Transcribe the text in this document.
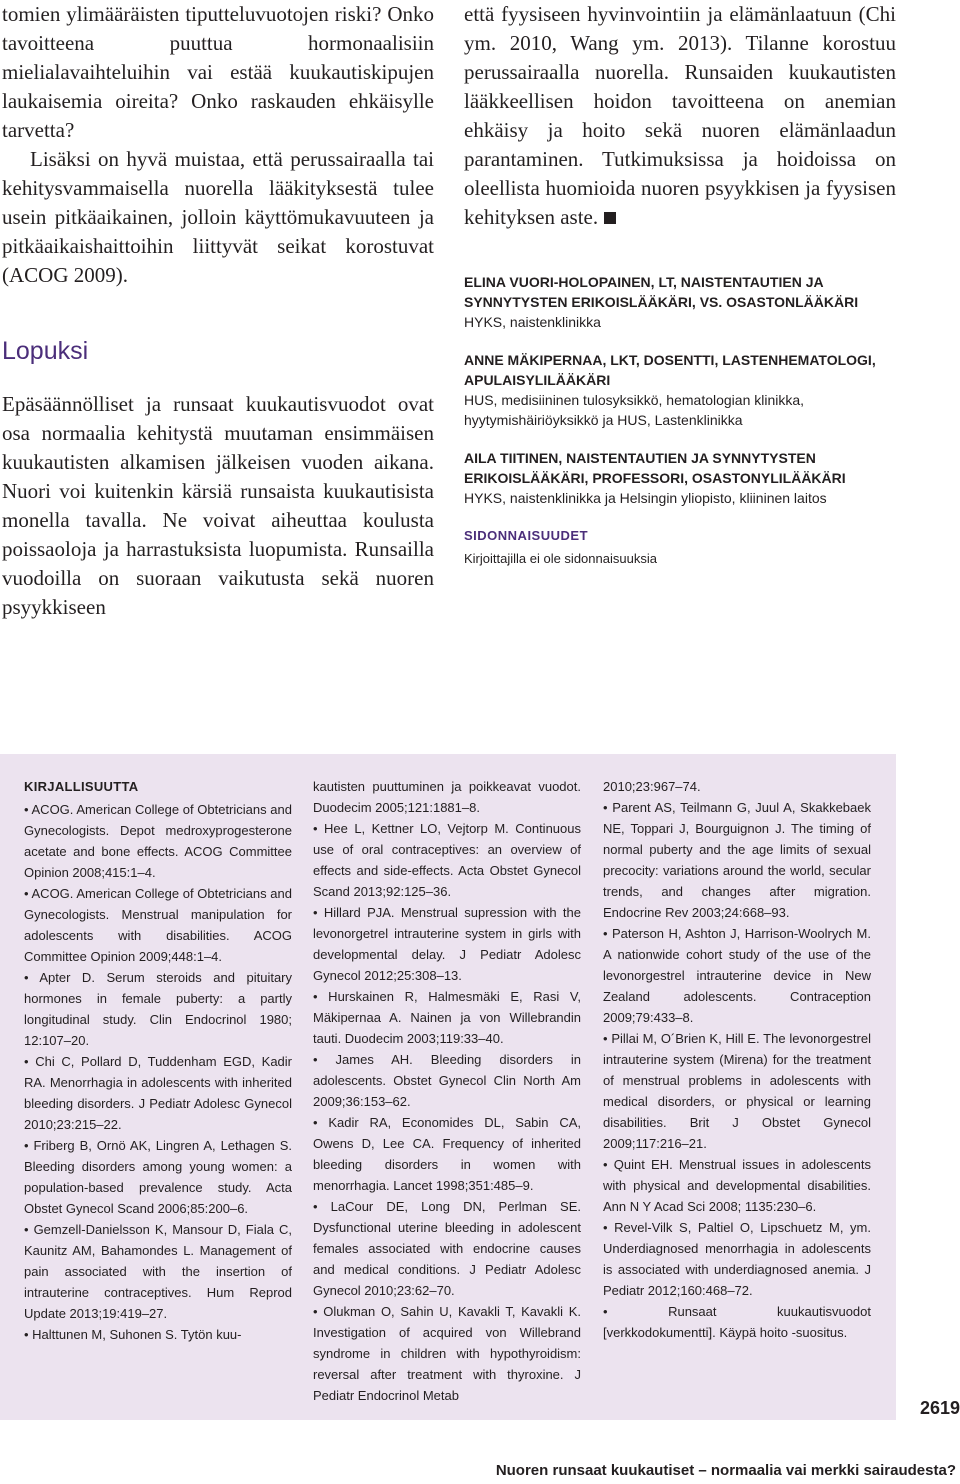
tomien ylimääräisten tiputteluvuotojen riski? Onko tavoitteena puuttua hormonaalisiin mielialavaihteluihin vai estää kuukautiskipujen laukaisemia oireita? Onko raskauden ehkäisylle tarvetta?

Lisäksi on hyvä muistaa, että perussairaalla tai kehitysvammaisella nuorella lääkityksestä tulee usein pitkäaikainen, jolloin käyttömukavuuteen ja pitkäaikaishaittoihin liittyvät seikat korostuvat (ACOG 2009).

Lopuksi

Epäsäännölliset ja runsaat kuukautisvuodot ovat osa normaalia kehitystä muutaman ensimmäisen kuukautisten alkamisen jälkeisen vuoden aikana. Nuori voi kuitenkin kärsiä runsaista kuukautisista monella tavalla. Ne voivat aiheuttaa koulusta poissaoloja ja harrastuksista luopumista. Runsailla vuodoilla on suoraan vaikutusta sekä nuoren psyykkiseen

että fyysiseen hyvinvointiin ja elämänlaatuun (Chi ym. 2010, Wang ym. 2013). Tilanne korostuu perussairaalla nuorella. Runsaiden kuukautisten lääkkeellisen hoidon tavoitteena on anemian ehkäisy ja hoito sekä nuoren elämänlaadun parantaminen. Tutkimuksissa ja hoidoissa on oleellista huomioida nuoren psyykkisen ja fyysisen kehityksen aste.

ELINA VUORI-HOLOPAINEN, LT, NAISTENTAUTIEN JA SYNNYTYSTEN ERIKOISLÄÄKÄRI, VS. OSASTONLÄÄKÄRI
HYKS, naistenklinikka
ANNE MÄKIPERNAA, LKT, DOSENTTI, LASTENHEMATOLOGI, APULAISYLILÄÄKÄRI
HUS, medisiininen tulosyksikkö, hematologian klinikka, hyytymishäiriöyksikkö ja HUS, Lastenklinikka
AILA TIITINEN, NAISTENTAUTIEN JA SYNNYTYSTEN ERIKOISLÄÄKÄRI, PROFESSORI, OSASTONYLILÄÄKÄRI
HYKS, naistenklinikka ja Helsingin yliopisto, kliininen laitos
SIDONNAISUUDET
Kirjoittajilla ei ole sidonnaisuuksia
KIRJALLISUUTTA

• ACOG. American College of Obtetricians and Gynecologists. Depot medroxyprogesterone acetate and bone effects. ACOG Committee Opinion 2008;415:1–4.

• ACOG. American College of Obtetricians and Gynecologists. Menstrual manipulation for adolescents with disabilities. ACOG Committee Opinion 2009;448:1–4.

• Apter D. Serum steroids and pituitary hormones in female puberty: a partly longitudinal study. Clin Endocrinol 1980; 12:107–20.

• Chi C, Pollard D, Tuddenham EGD, Kadir RA. Menorrhagia in adolescents with inherited bleeding disorders. J Pediatr Adolesc Gynecol 2010;23:215–22.

• Friberg B, Ornö AK, Lingren A, Lethagen S. Bleeding disorders among young women: a population-based prevalence study. Acta Obstet Gynecol Scand 2006;85:200–6.

• Gemzell-Danielsson K, Mansour D, Fiala C, Kaunitz AM, Bahamondes L. Management of pain associated with the insertion of intrauterine contraceptives. Hum Reprod Update 2013;19:419–27.

• Halttunen M, Suhonen S. Tytön kuu-

kautisten puuttuminen ja poikkeavat vuodot. Duodecim 2005;121:1881–8.

• Hee L, Kettner LO, Vejtorp M. Continuous use of oral contraceptives: an overview of effects and side-effects. Acta Obstet Gynecol Scand 2013;92:125–36.

• Hillard PJA. Menstrual supression with the levonorgetrel intrauterine system in girls with developmental delay. J Pediatr Adolesc Gynecol 2012;25:308–13.

• Hurskainen R, Halmesmäki E, Rasi V, Mäkipernaa A. Nainen ja von Willebrandin tauti. Duodecim 2003;119:33–40.

• James AH. Bleeding disorders in adolescents. Obstet Gynecol Clin North Am 2009;36:153–62.

• Kadir RA, Economides DL, Sabin CA, Owens D, Lee CA. Frequency of inherited bleeding disorders in women with menorrhagia. Lancet 1998;351:485–9.

• LaCour DE, Long DN, Perlman SE. Dysfunctional uterine bleeding in adolescent females associated with endocrine causes and medical conditions. J Pediatr Adolesc Gynecol 2010;23:62–70.

• Olukman O, Sahin U, Kavakli T, Kavakli K. Investigation of acquired von Willebrand syndrome in children with hypothyroidism: reversal after treatment with thyroxine. J Pediatr Endocrinol Metab

2010;23:967–74.

• Parent AS, Teilmann G, Juul A, Skakkebaek NE, Toppari J, Bourguignon J. The timing of normal puberty and the age limits of sexual precocity: variations around the world, secular trends, and changes after migration. Endocrine Rev 2003;24:668–93.

• Paterson H, Ashton J, Harrison-Woolrych M. A nationwide cohort study of the use of the levonorgestrel intrauterine device in New Zealand adolescents. Contraception 2009;79:433–8.

• Pillai M, O´Brien K, Hill E. The levonorgestrel intrauterine system (Mirena) for the treatment of menstrual problems in adolescents with medical disorders, or physical or learning disabilities. Brit J Obstet Gynecol 2009;117:216–21.

• Quint EH. Menstrual issues in adolescents with physical and developmental disabilities. Ann N Y Acad Sci 2008; 1135:230–6.

• Revel-Vilk S, Paltiel O, Lipschuetz M, ym. Underdiagnosed menorrhagia in adolescents is associated with underdiagnosed anemia. J Pediatr 2012;160:468–72.

• Runsaat kuukautisvuodot [verkkodokumentti]. Käypä hoito -suositus.

2619
Nuoren runsaat kuukautiset – normaalia vai merkki sairaudesta?
